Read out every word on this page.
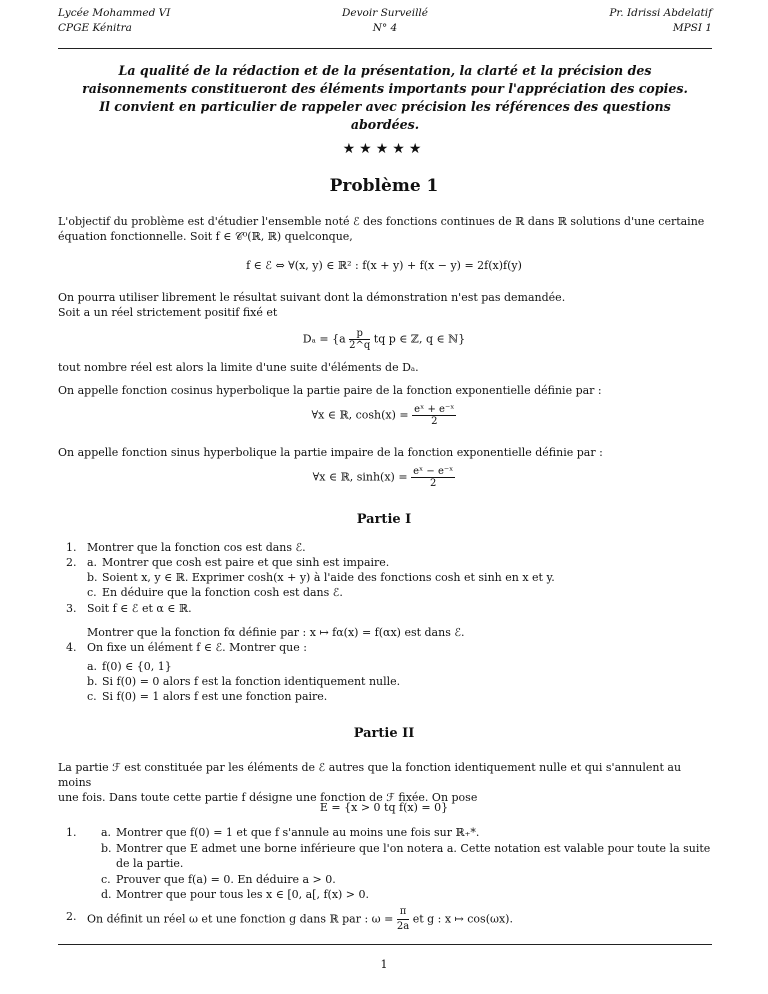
Lycée Mohammed VI
CPGE Kénitra
Devoir Surveillé
N° 4
Pr. Idrissi Abdelatif
MPSI 1
La qualité de la rédaction et de la présentation, la clarté et la précision des
raisonnements constitueront des éléments importants pour l'appréciation des copies.
Il convient en particulier de rappeler avec précision les références des questions
abordées.
★★★★★
Problème 1
L'objectif du problème est d'étudier l'ensemble noté ℰ des fonctions continues de ℝ dans ℝ solutions d'une certaine
équation fonctionnelle. Soit f ∈ 𝒞⁰(ℝ, ℝ) quelconque,
f ∈ ℰ ⇔ ∀(x, y) ∈ ℝ² : f(x + y) + f(x − y) = 2f(x)f(y)
On pourra utiliser librement le résultat suivant dont la démonstration n'est pas demandée.
Soit a un réel strictement positif fixé et
$D_a = \{a \frac{p}{2\^{}q}$ tq p ∈ ℤ, q ∈ ℕ}
tout nombre réel est alors la limite d'une suite d'éléments de Dₐ.
On appelle fonction cosinus hyperbolique la partie paire de la fonction exponentielle définie par :
∀x ∈ ℝ, $\cosh(x) = \frac{\text{eˣ + e⁻ˣ}}{2}$
On appelle fonction sinus hyperbolique la partie impaire de la fonction exponentielle définie par :
∀x ∈ ℝ, $\sinh(x) = \frac{\text{eˣ − e⁻ˣ}}{2}$
Partie I
1. Montrer que la fonction cos est dans ℰ.
2. a. Montrer que cosh est paire et que sinh est impaire.
b. Soient x, y ∈ ℝ. Exprimer cosh(x + y) à l'aide des fonctions cosh et sinh en x et y.
c. En déduire que la fonction cosh est dans ℰ.
3. Soit f ∈ ℰ et α ∈ ℝ.
Montrer que la fonction fα définie par : x ↦ fα(x) = f(αx) est dans ℰ.
4. On fixe un élément f ∈ ℰ. Montrer que :
a. f(0) ∈ {0, 1}
b. Si f(0) = 0 alors f est la fonction identiquement nulle.
c. Si f(0) = 1 alors f est une fonction paire.
Partie II
La partie ℱ est constituée par les éléments de ℰ autres que la fonction identiquement nulle et qui s'annulent au moins
une fois. Dans toute cette partie f désigne une fonction de ℱ fixée. On pose
E = {x > 0 tq f(x) = 0}
1. a. Montrer que f(0) = 1 et que f s'annule au moins une fois sur ℝ₊*.
b. Montrer que E admet une borne inférieure que l'on notera a. Cette notation est valable pour toute la suite
de la partie.
c. Prouver que f(a) = 0. En déduire a > 0.
d. Montrer que pour tous les x ∈ [0, a[, f(x) > 0.
2. On définit un réel ω et une fonction g dans ℝ par : $\omega = \frac{\pi}{2a}$ et g : x ↦ cos(ωx).
1
